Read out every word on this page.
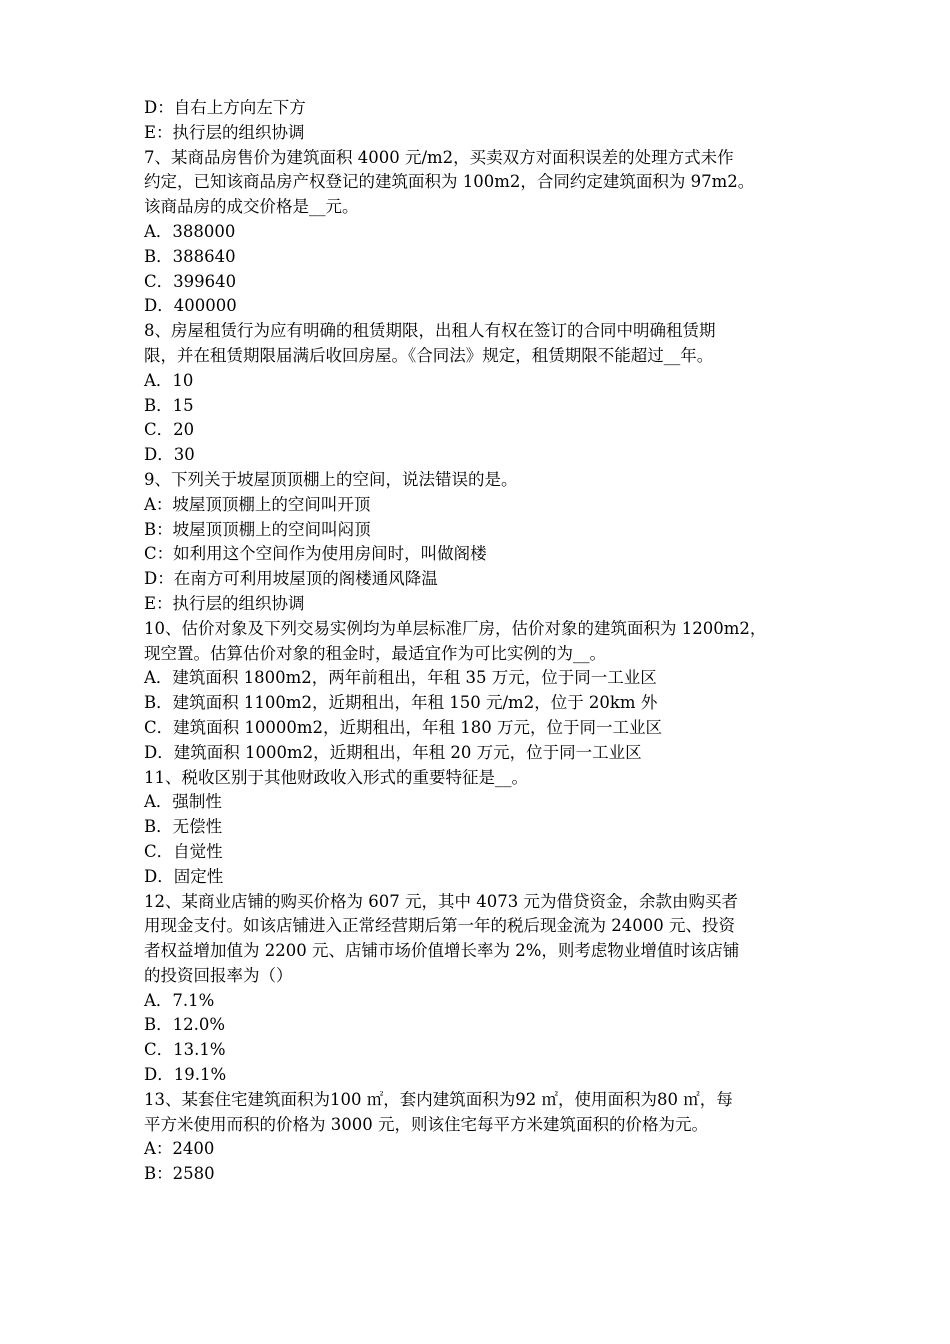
D：自右上方向左下方
E：执行层的组织协调
7、某商品房售价为建筑面积 4000 元/m2，买卖双方对面积误差的处理方式未作
约定，已知该商品房产权登记的建筑面积为 100m2，合同约定建筑面积为 97m2。
该商品房的成交价格是__元。
A．388000
B．388640
C．399640
D．400000
8、房屋租赁行为应有明确的租赁期限，出租人有权在签订的合同中明确租赁期
限，并在租赁期限届满后收回房屋。《合同法》规定，租赁期限不能超过__年。
A．10
B．15
C．20
D．30
9、下列关于坡屋顶顶棚上的空间，说法错误的是。
A：坡屋顶顶棚上的空间叫开顶
B：坡屋顶顶棚上的空间叫闷顶
C：如利用这个空间作为使用房间时，叫做阁楼
D：在南方可利用坡屋顶的阁楼通风降温
E：执行层的组织协调
10、估价对象及下列交易实例均为单层标准厂房，估价对象的建筑面积为 1200m2，
现空置。估算估价对象的租金时，最适宜作为可比实例的为__。
A．建筑面积 1800m2，两年前租出，年租 35 万元，位于同一工业区
B．建筑面积 1100m2，近期租出，年租 150 元/m2，位于 20km 外
C．建筑面积 10000m2，近期租出，年租 180 万元，位于同一工业区
D．建筑面积 1000m2，近期租出，年租 20 万元，位于同一工业区
11、税收区别于其他财政收入形式的重要特征是__。
A．强制性
B．无偿性
C．自觉性
D．固定性
12、某商业店铺的购买价格为 607 元，其中 4073 元为借贷资金，余款由购买者
用现金支付。如该店铺进入正常经营期后第一年的税后现金流为 24000 元、投资
者权益增加值为 2200 元、店铺市场价值增长率为 2%，则考虑物业增值时该店铺
的投资回报率为（）
A．7.1%
B．12.0%
C．13.1%
D．19.1%
13、某套住宅建筑面积为100 ㎡，套内建筑面积为92 ㎡，使用面积为80 ㎡，每
平方米使用而积的价格为 3000 元，则该住宅每平方米建筑面积的价格为元。
A：2400
B：2580
